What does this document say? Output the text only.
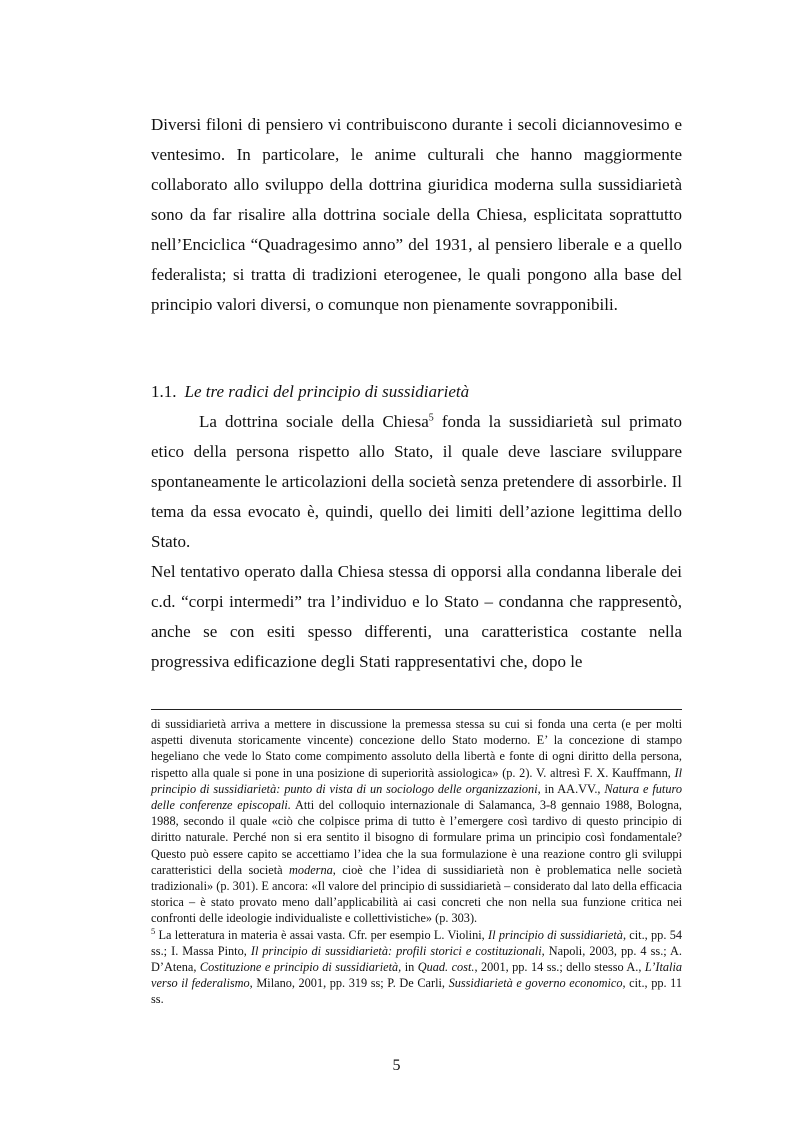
Diversi filoni di pensiero vi contribuiscono durante i secoli diciannovesimo e ventesimo. In particolare, le anime culturali che hanno maggiormente collaborato allo sviluppo della dottrina giuridica moderna sulla sussidiarietà sono da far risalire alla dottrina sociale della Chiesa, esplicitata soprattutto nell’Enciclica “Quadragesimo anno” del 1931, al pensiero liberale e a quello federalista; si tratta di tradizioni eterogenee, le quali pongono alla base del principio valori diversi, o comunque non pienamente sovrapponibili.

1.1. Le tre radici del principio di sussidiarietà

La dottrina sociale della Chiesa$^5$ fonda la sussidiarietà sul primato etico della persona rispetto allo Stato, il quale deve lasciare sviluppare spontaneamente le articolazioni della società senza pretendere di assorbirle. Il tema da essa evocato è, quindi, quello dei limiti dell’azione legittima dello Stato.

Nel tentativo operato dalla Chiesa stessa di opporsi alla condanna liberale dei c.d. “corpi intermedi” tra l’individuo e lo Stato – condanna che rappresentò, anche se con esiti spesso differenti, una caratteristica costante nella progressiva edificazione degli Stati rappresentativi che, dopo le

di sussidiarietà arriva a mettere in discussione la premessa stessa su cui si fonda una certa (e per molti aspetti divenuta storicamente vincente) concezione dello Stato moderno. E’ la concezione di stampo hegeliano che vede lo Stato come compimento assoluto della libertà e fonte di ogni diritto della persona, rispetto alla quale si pone in una posizione di superiorità assiologica» (p. 2). V. altresì F. X. Kauffmann, Il principio di sussidiarietà: punto di vista di un sociologo delle organizzazioni, in AA.VV., Natura e futuro delle conferenze episcopali. Atti del colloquio internazionale di Salamanca, 3-8 gennaio 1988, Bologna, 1988, secondo il quale «ciò che colpisce prima di tutto è l’emergere così tardivo di questo principio di diritto naturale. Perché non si era sentito il bisogno di formulare prima un principio così fondamentale? Questo può essere capito se accettiamo l’idea che la sua formulazione è una reazione contro gli sviluppi caratteristici della società moderna, cioè che l’idea di sussidiarietà non è problematica nelle società tradizionali» (p. 301). E ancora: «Il valore del principio di sussidiarietà – considerato dal lato della efficacia storica – è stato provato meno dall’applicabilità ai casi concreti che non nella sua funzione critica nei confronti delle ideologie individualiste e collettivistiche» (p. 303).

$^5$ La letteratura in materia è assai vasta. Cfr. per esempio L. Violini, Il principio di sussidiarietà, cit., pp. 54 ss.; I. Massa Pinto, Il principio di sussidiarietà: profili storici e costituzionali, Napoli, 2003, pp. 4 ss.; A. D’Atena, Costituzione e principio di sussidiarietà, in Quad. cost., 2001, pp. 14 ss.; dello stesso A., L’Italia verso il federalismo, Milano, 2001, pp. 319 ss; P. De Carli, Sussidiarietà e governo economico, cit., pp. 11 ss.

5
